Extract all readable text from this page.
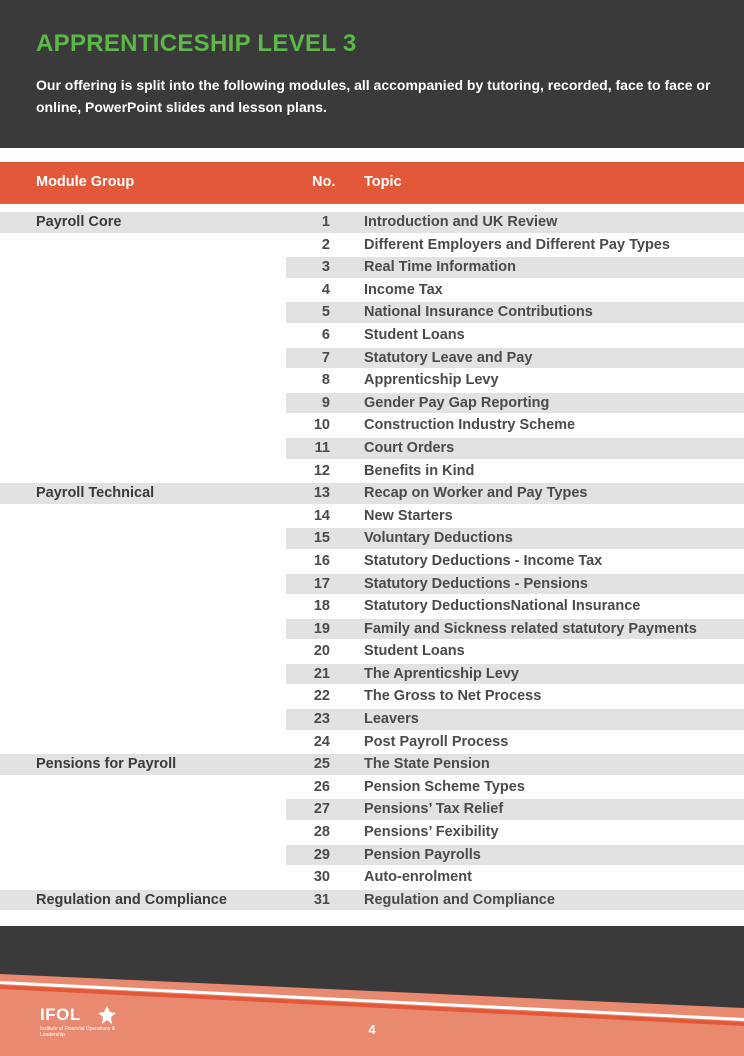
APPRENTICESHIP LEVEL 3

Our offering is split into the following modules, all accompanied by tutoring, recorded, face to face or online, PowerPoint slides and lesson plans.

Module Group	No. Topic
Payroll Core	1 Introduction and UK Review
2 Different Employers and Different Pay Types
3 Real Time Information
4 Income Tax
5 National Insurance Contributions
6 Student Loans
7 Statutory Leave and Pay
8 Apprenticship Levy
9 Gender Pay Gap Reporting
10 Construction Industry Scheme
11 Court Orders
12 Benefits in Kind
Payroll Technical	13 Recap on Worker and Pay Types
14 New Starters
15 Voluntary Deductions
16 Statutory Deductions - Income Tax
17 Statutory Deductions - Pensions
18 Statutory DeductionsNational Insurance
19 Family and Sickness related statutory Payments
20 Student Loans
21 The Aprenticship Levy
22 The Gross to Net Process
23 Leavers
24 Post Payroll Process
Pensions for Payroll	25 The State Pension
26 Pension Scheme Types
27 Pensions’ Tax Relief
28 Pensions’ Fexibility
29 Pension Payrolls
30 Auto-enrolment
Regulation and Compliance	31 Regulation and Compliance
IFOL
Institute of Financial Operations & Leadership	4
